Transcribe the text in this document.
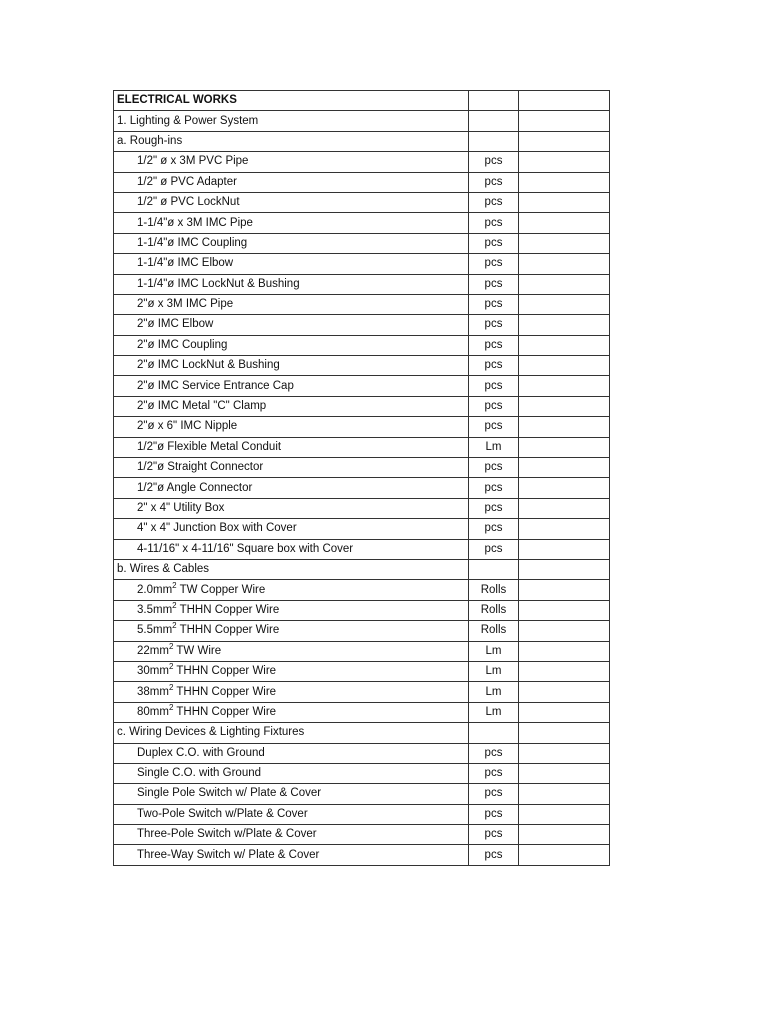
ELECTRICAL WORKS		
1. Lighting & Power System		
a. Rough-ins		
1/2" ø x 3M PVC Pipe	pcs	
1/2" ø PVC Adapter	pcs	
1/2" ø PVC LockNut	pcs	
1-1/4"ø x 3M IMC Pipe	pcs	
1-1/4"ø IMC Coupling	pcs	
1-1/4"ø IMC Elbow	pcs	
1-1/4"ø IMC LockNut & Bushing	pcs	
2"ø x 3M IMC Pipe	pcs	
2"ø IMC Elbow	pcs	
2"ø IMC Coupling	pcs	
2"ø IMC LockNut & Bushing	pcs	
2"ø IMC Service Entrance Cap	pcs	
2"ø IMC Metal "C" Clamp	pcs	
2"ø x 6" IMC Nipple	pcs	
1/2"ø Flexible Metal Conduit	Lm	
1/2"ø Straight Connector	pcs	
1/2"ø Angle Connector	pcs	
2" x 4" Utility Box	pcs	
4" x 4" Junction Box with Cover	pcs	
4-11/16" x 4-11/16" Square box with Cover	pcs	
b. Wires & Cables		
$2.0mm^2$ TW Copper Wire	Rolls	
$3.5mm^2$ THHN Copper Wire	Rolls	
$5.5mm^2$ THHN Copper Wire	Rolls	
$22mm^2$ TW Wire	Lm	
$30mm^2$ THHN Copper Wire	Lm	
$38mm^2$ THHN Copper Wire	Lm	
$80mm^2$ THHN Copper Wire	Lm	
c. Wiring Devices & Lighting Fixtures		
Duplex C.O. with Ground	pcs	
Single C.O. with Ground	pcs	
Single Pole Switch w/ Plate & Cover	pcs	
Two-Pole Switch w/Plate & Cover	pcs	
Three-Pole Switch w/Plate & Cover	pcs	
Three-Way Switch w/ Plate & Cover	pcs	
